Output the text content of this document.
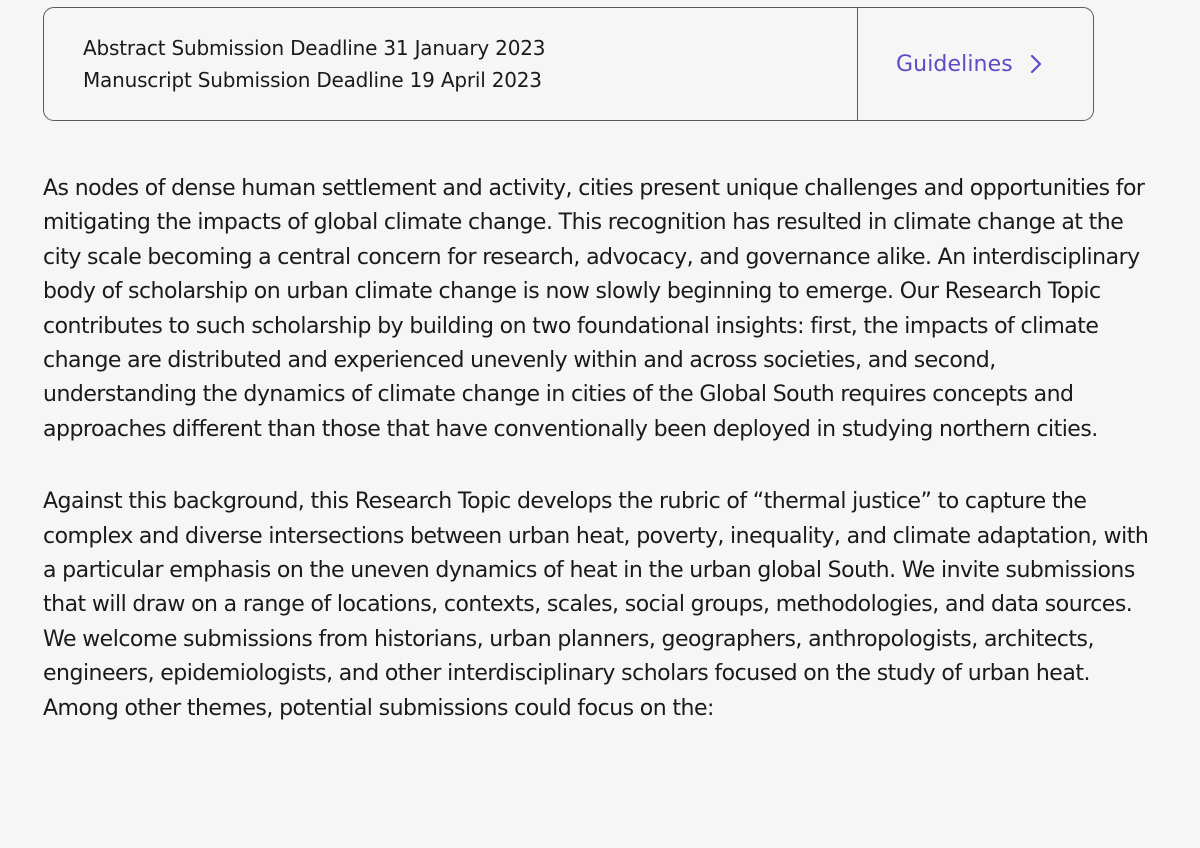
Abstract Submission Deadline 31 January 2023
Manuscript Submission Deadline 19 April 2023
Guidelines

As nodes of dense human settlement and activity, cities present unique challenges and opportunities for mitigating the impacts of global climate change. This recognition has resulted in climate change at the city scale becoming a central concern for research, advocacy, and governance alike. An interdisciplinary body of scholarship on urban climate change is now slowly beginning to emerge. Our Research Topic contributes to such scholarship by building on two foundational insights: first, the impacts of climate change are distributed and experienced unevenly within and across societies, and second, understanding the dynamics of climate change in cities of the Global South requires concepts and approaches different than those that have conventionally been deployed in studying northern cities.

Against this background, this Research Topic develops the rubric of “thermal justice” to capture the complex and diverse intersections between urban heat, poverty, inequality, and climate adaptation, with a particular emphasis on the uneven dynamics of heat in the urban global South. We invite submissions that will draw on a range of locations, contexts, scales, social groups, methodologies, and data sources. We welcome submissions from historians, urban planners, geographers, anthropologists, architects, engineers, epidemiologists, and other interdisciplinary scholars focused on the study of urban heat. Among other themes, potential submissions could focus on the:
